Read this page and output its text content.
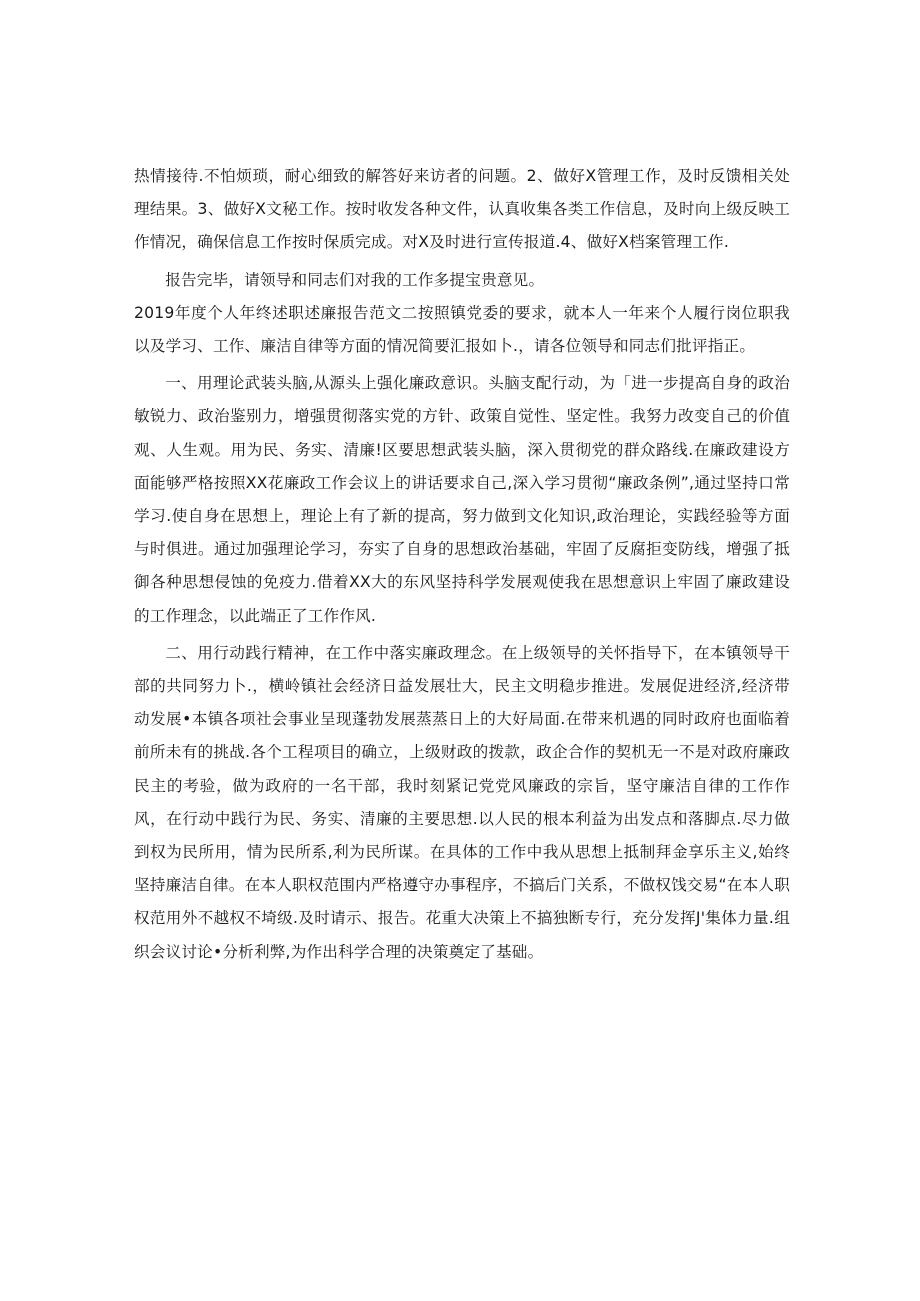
热情接待.不怕烦琐，耐心细致的解答好来访者的问题。2、做好X管理工作，及时反馈相关处理结果。3、做好X文秘工作。按时收发各种文件，认真收集各类工作信息，及时向上级反映工作情况，确保信息工作按时保质完成。对X及时进行宣传报道.4、做好X档案管理工作.

报告完毕，请领导和同志们对我的工作多提宝贵意见。

2019年度个人年终述职述廉报告范文二按照镇党委的要求，就本人一年来个人履行岗位职我以及学习、工作、廉洁自律等方面的情况简要汇报如卜.，请各位领导和同志们批评指正。

一、用理论武装头脑,从源头上强化廉政意识。头脑支配行动，为「进一步提高自身的政治敏锐力、政治鉴别力，增强贯彻落实党的方针、政策自觉性、坚定性。我努力改变自己的价值观、人生观。用为民、务实、清廉!区要思想武装头脑，深入贯彻党的群众路线.在廉政建设方面能够严格按照XX花廉政工作会议上的讲话要求自己,深入学习贯彻“廉政条例”,通过坚持口常学习.使自身在思想上，理论上有了新的提高，努力做到文化知识,政治理论，实践经验等方面与时俱进。通过加强理论学习，夯实了自身的思想政治基础，牢固了反腐拒变防线，增强了抵御各种思想侵蚀的免疫力.借着XX大的东风坚持科学发展观使我在思想意识上牢固了廉政建设的工作理念，以此端正了工作作风.

二、用行动践行精神，在工作中落实廉政理念。在上级领导的关怀指导下，在本镇领导干部的共同努力卜.，横岭镇社会经济日益发展壮大，民主文明稳步推进。发展促进经济,经济带动发展•本镇各项社会事业呈现蓬勃发展蒸蒸日上的大好局面.在带来机遇的同时政府也面临着前所未有的挑战.各个工程项目的确立，上级财政的拨款，政企合作的契机无一不是对政府廉政民主的考验，做为政府的一名干部，我时刻紧记党党风廉政的宗旨，坚守廉洁自律的工作作风，在行动中践行为民、务实、清廉的主要思想.以人民的根本利益为出发点和落脚点.尽力做到权为民所用，情为民所系,利为民所谋。在具体的工作中我从思想上抵制拜金享乐主义,始终坚持廉洁自律。在本人职权范围内严格遵守办事程序，不搞后门关系，不做权饯交易“在本人职权范用外不越权不埼级.及时请示、报告。花重大决策上不搞独断专行，充分发挥J'集体力量.组织会议讨论•分析利弊,为作出科学合理的决策奠定了基础。
